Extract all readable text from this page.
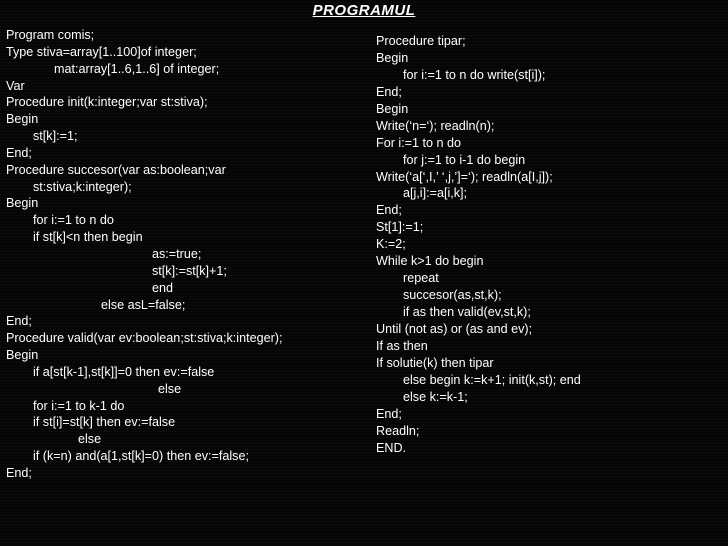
PROGRAMUL
Program comis;
Type stiva=array[1..100]of integer;
mat:array[1..6,1..6] of integer;
Var
Procedure init(k:integer;var st:stiva);
Begin
st[k]:=1;
End;
Procedure succesor(var as:boolean;var
st:stiva;k:integer);
Begin
for i:=1 to n do
if st[k]<n then begin
as:=true;
st[k]:=st[k]+1;
end
else asL=false;
End;
Procedure valid(var ev:boolean;st:stiva;k:integer);
Begin
if a[st[k-1],st[k]]=0 then ev:=false
else
for i:=1 to k-1 do
if st[i]=st[k] then ev:=false
else
if (k=n) and(a[1,st[k]=0) then ev:=false;
End;
Procedure tipar;
Begin
for i:=1 to n do write(st[i]);
End;
Begin
Write(‘n=‘); readln(n);
For i:=1 to n do
for j:=1 to i-1 do begin
Write(‘a[‘,I,’ ‘,j,’]=‘); readln(a[I,j]);
a[j,i]:=a[i,k];
End;
St[1]:=1;
K:=2;
While k>1 do begin
repeat
succesor(as,st,k);
if as then valid(ev,st,k);
Until (not as) or (as and ev);
If as then
If solutie(k) then tipar
else begin k:=k+1; init(k,st); end
else k:=k-1;
End;
Readln;
END.
